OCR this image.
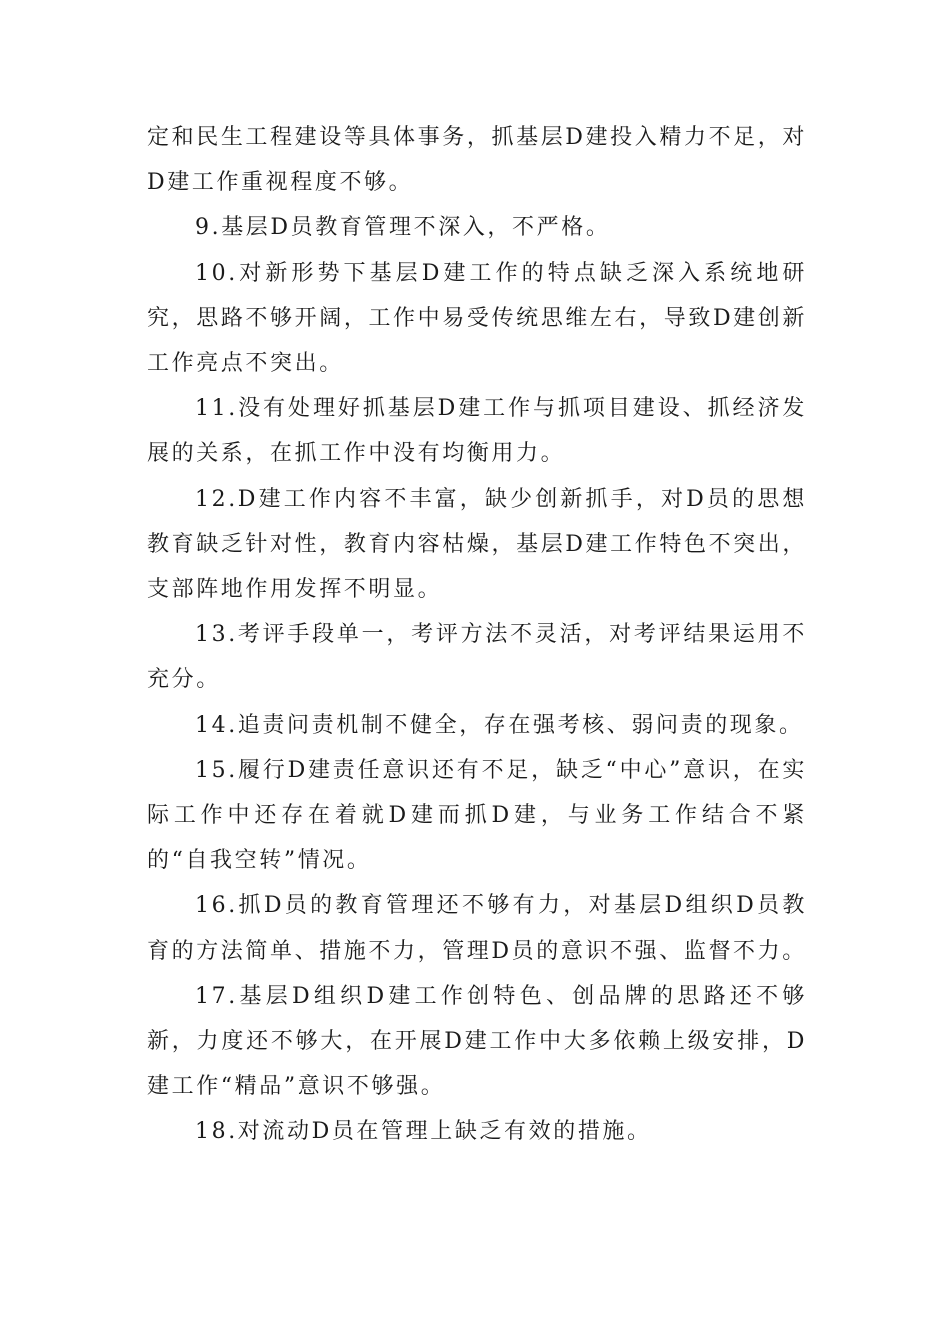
定和民生工程建设等具体事务，抓基层D建投入精力不足，对D建工作重视程度不够。

9.基层D员教育管理不深入，不严格。

10.对新形势下基层D建工作的特点缺乏深入系统地研究，思路不够开阔，工作中易受传统思维左右，导致D建创新工作亮点不突出。

11.没有处理好抓基层D建工作与抓项目建设、抓经济发展的关系，在抓工作中没有均衡用力。

12.D建工作内容不丰富，缺少创新抓手，对D员的思想教育缺乏针对性，教育内容枯燥，基层D建工作特色不突出，支部阵地作用发挥不明显。

13.考评手段单一，考评方法不灵活，对考评结果运用不充分。

14.追责问责机制不健全，存在强考核、弱问责的现象。

15.履行D建责任意识还有不足，缺乏“中心”意识，在实际工作中还存在着就D建而抓D建，与业务工作结合不紧的“自我空转”情况。

16.抓D员的教育管理还不够有力，对基层D组织D员教育的方法简单、措施不力，管理D员的意识不强、监督不力。

17.基层D组织D建工作创特色、创品牌的思路还不够新，力度还不够大，在开展D建工作中大多依赖上级安排，D建工作“精品”意识不够强。

18.对流动D员在管理上缺乏有效的措施。
